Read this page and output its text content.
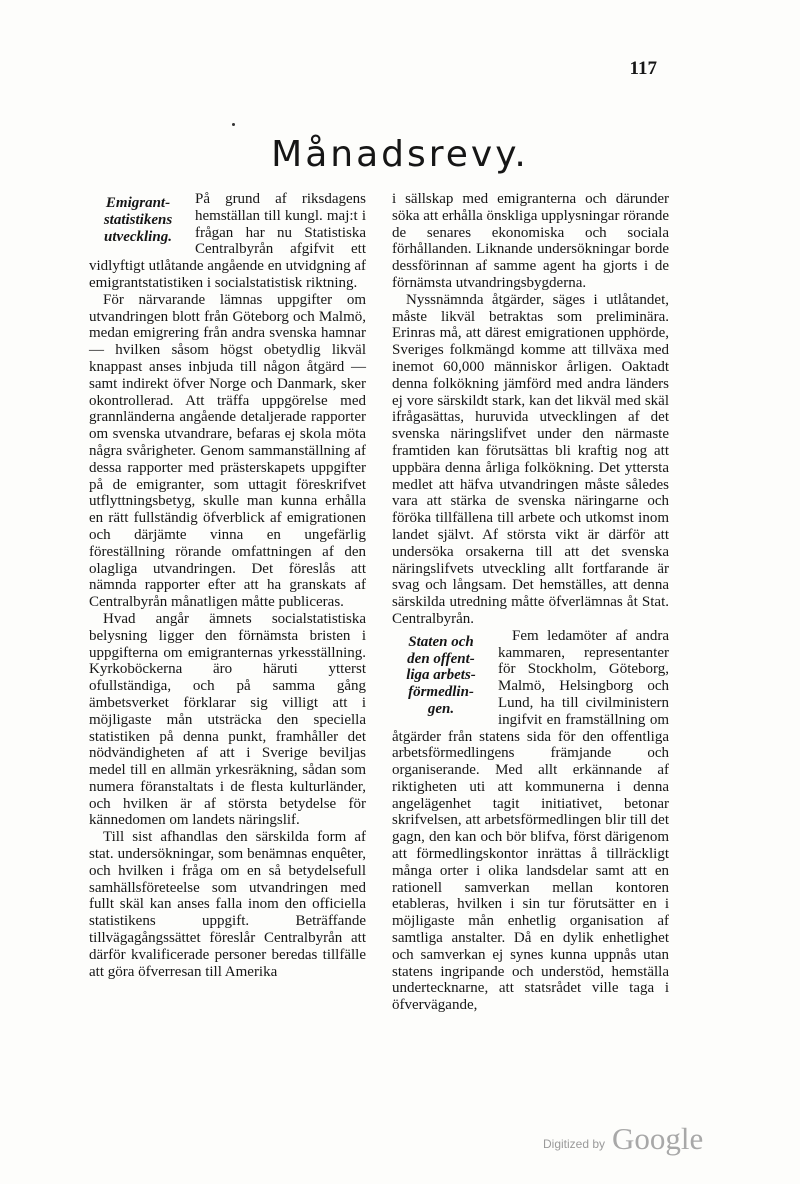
117
Månadsrevy.
Emigrant-
statistikens
utveckling.

På grund af riksdagens hemställan till kungl. maj:t i frågan har nu Statistiska Centralbyrån afgifvit ett vidlyftigt utlåtande angående en utvidgning af emigrantstatistiken i socialstatistisk riktning.

För närvarande lämnas uppgifter om utvandringen blott från Göteborg och Malmö, medan emigrering från andra svenska hamnar — hvilken såsom högst obetydlig likväl knappast anses inbjuda till någon åtgärd — samt indirekt öfver Norge och Danmark, sker okontrollerad. Att träffa uppgörelse med grannländerna angående detaljerade rapporter om svenska utvandrare, befaras ej skola möta några svårigheter. Genom sammanställning af dessa rapporter med prästerskapets uppgifter på de emigranter, som uttagit föreskrifvet utflyttningsbetyg, skulle man kunna erhålla en rätt fullständig öfverblick af emigrationen och därjämte vinna en ungefärlig föreställning rörande omfattningen af den olagliga utvandringen. Det föreslås att nämnda rapporter efter att ha granskats af Centralbyrån månatligen måtte publiceras.

Hvad angår ämnets socialstatistiska belysning ligger den förnämsta bristen i uppgifterna om emigranternas yrkesställning. Kyrkoböckerna äro häruti ytterst ofullständiga, och på samma gång ämbetsverket förklarar sig villigt att i möjligaste mån utsträcka den speciella statistiken på denna punkt, framhåller det nödvändigheten af att i Sverige beviljas medel till en allmän yrkesräkning, sådan som numera föranstaltats i de flesta kulturländer, och hvilken är af största betydelse för kännedomen om landets näringslif.

Till sist afhandlas den särskilda form af stat. undersökningar, som benämnas enquêter, och hvilken i fråga om en så betydelsefull samhällsföreteelse som utvandringen med fullt skäl kan anses falla inom den officiella statistikens uppgift. Beträffande tillvägagångssättet föreslår Centralbyrån att därför kvalificerade personer beredas tillfälle att göra öfverresan till Amerika

i sällskap med emigranterna och därunder söka att erhålla önskliga upplysningar rörande de senares ekonomiska och sociala förhållanden. Liknande undersökningar borde dessförinnan af samme agent ha gjorts i de förnämsta utvandringsbygderna.

Nyssnämnda åtgärder, säges i utlåtandet, måste likväl betraktas som preliminära. Erinras må, att därest emigrationen upphörde, Sveriges folkmängd komme att tillväxa med inemot 60,000 människor årligen. Oaktadt denna folkökning jämförd med andra länders ej vore särskildt stark, kan det likväl med skäl ifrågasättas, huruvida utvecklingen af det svenska näringslifvet under den närmaste framtiden kan förutsättas bli kraftig nog att uppbära denna årliga folkökning. Det yttersta medlet att häfva utvandringen måste således vara att stärka de svenska näringarne och föröka tillfällena till arbete och utkomst inom landet självt. Af största vikt är därför att undersöka orsakerna till att det svenska näringslifvets utveckling allt fortfarande är svag och långsam. Det hemställes, att denna särskilda utredning måtte öfverlämnas åt Stat. Centralbyrån.

Staten och
den offent-
liga arbets-
förmedlin-
gen.

Fem ledamöter af andra kammaren, representanter för Stockholm, Göteborg, Malmö, Helsingborg och Lund, ha till civilministern ingifvit en framställning om åtgärder från statens sida för den offentliga arbetsförmedlingens främjande och organiserande. Med allt erkännande af riktigheten uti att kommunerna i denna angelägenhet tagit initiativet, betonar skrifvelsen, att arbetsförmedlingen blir till det gagn, den kan och bör blifva, först därigenom att förmedlingskontor inrättas å tillräckligt många orter i olika landsdelar samt att en rationell samverkan mellan kontoren etableras, hvilken i sin tur förutsätter en i möjligaste mån enhetlig organisation af samtliga anstalter. Då en dylik enhetlighet och samverkan ej synes kunna uppnås utan statens ingripande och understöd, hemställa undertecknarne, att statsrådet ville taga i öfvervägande,

Digitized by Google
